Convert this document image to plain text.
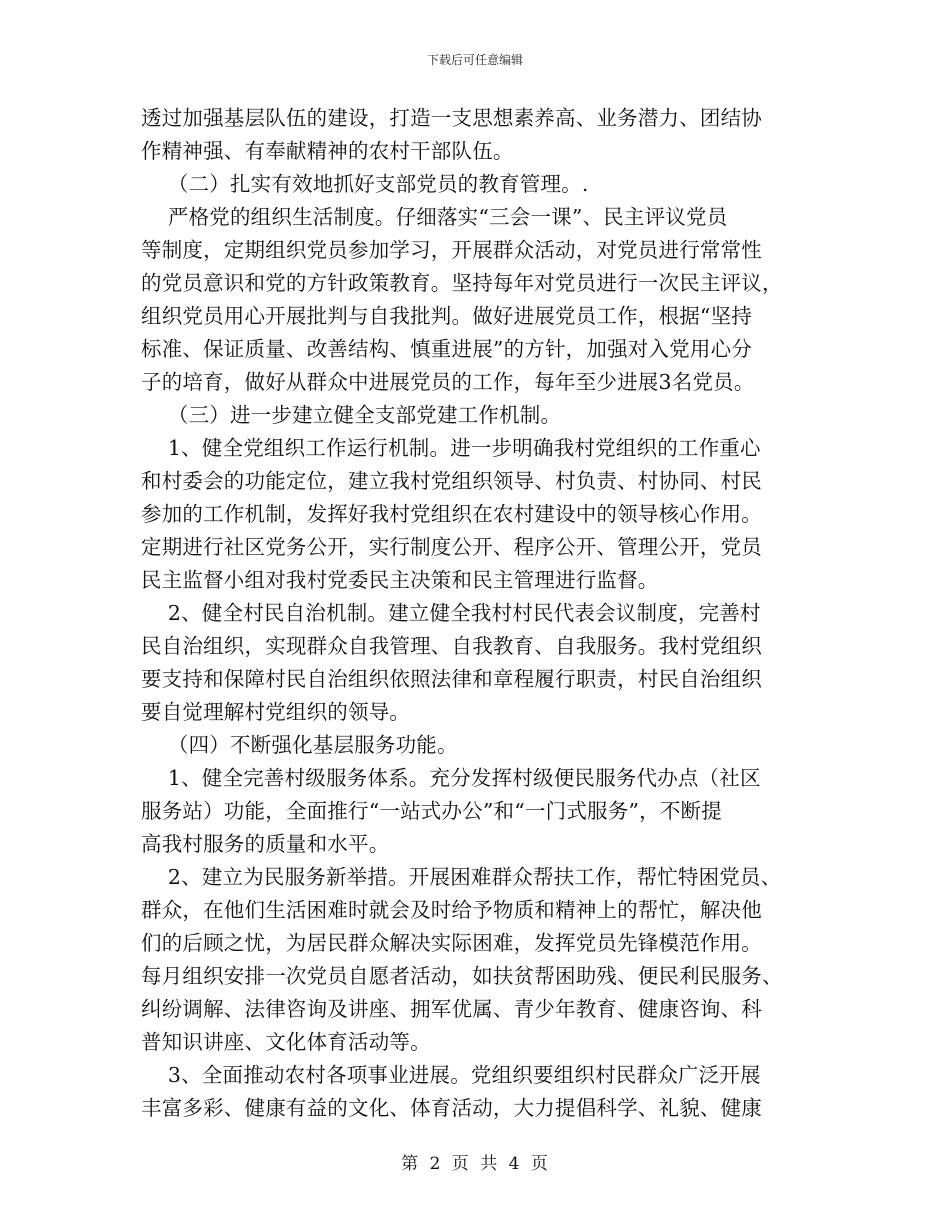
下载后可任意编辑
透过加强基层队伍的建设，打造一支思想素养高、业务潜力、团结协
作精神强、有奉献精神的农村干部队伍。
（二）扎实有效地抓好支部党员的教育管理。.
严格党的组织生活制度。仔细落实“三会一课”、民主评议党员
等制度，定期组织党员参加学习，开展群众活动，对党员进行常常性
的党员意识和党的方针政策教育。坚持每年对党员进行一次民主评议，
组织党员用心开展批判与自我批判。做好进展党员工作，根据“坚持
标准、保证质量、改善结构、慎重进展”的方针，加强对入党用心分
子的培育，做好从群众中进展党员的工作，每年至少进展3名党员。
（三）进一步建立健全支部党建工作机制。
1、健全党组织工作运行机制。进一步明确我村党组织的工作重心
和村委会的功能定位，建立我村党组织领导、村负责、村协同、村民
参加的工作机制，发挥好我村党组织在农村建设中的领导核心作用。
定期进行社区党务公开，实行制度公开、程序公开、管理公开，党员
民主监督小组对我村党委民主决策和民主管理进行监督。
2、健全村民自治机制。建立健全我村村民代表会议制度，完善村
民自治组织，实现群众自我管理、自我教育、自我服务。我村党组织
要支持和保障村民自治组织依照法律和章程履行职责，村民自治组织
要自觉理解村党组织的领导。
（四）不断强化基层服务功能。
1、健全完善村级服务体系。充分发挥村级便民服务代办点（社区
服务站）功能，全面推行“一站式办公”和“一门式服务”，不断提
高我村服务的质量和水平。
2、建立为民服务新举措。开展困难群众帮扶工作，帮忙特困党员、
群众，在他们生活困难时就会及时给予物质和精神上的帮忙，解决他
们的后顾之忧，为居民群众解决实际困难，发挥党员先锋模范作用。
每月组织安排一次党员自愿者活动，如扶贫帮困助残、便民利民服务、
纠纷调解、法律咨询及讲座、拥军优属、青少年教育、健康咨询、科
普知识讲座、文化体育活动等。
3、全面推动农村各项事业进展。党组织要组织村民群众广泛开展
丰富多彩、健康有益的文化、体育活动，大力提倡科学、礼貌、健康
第 2 页 共 4 页
